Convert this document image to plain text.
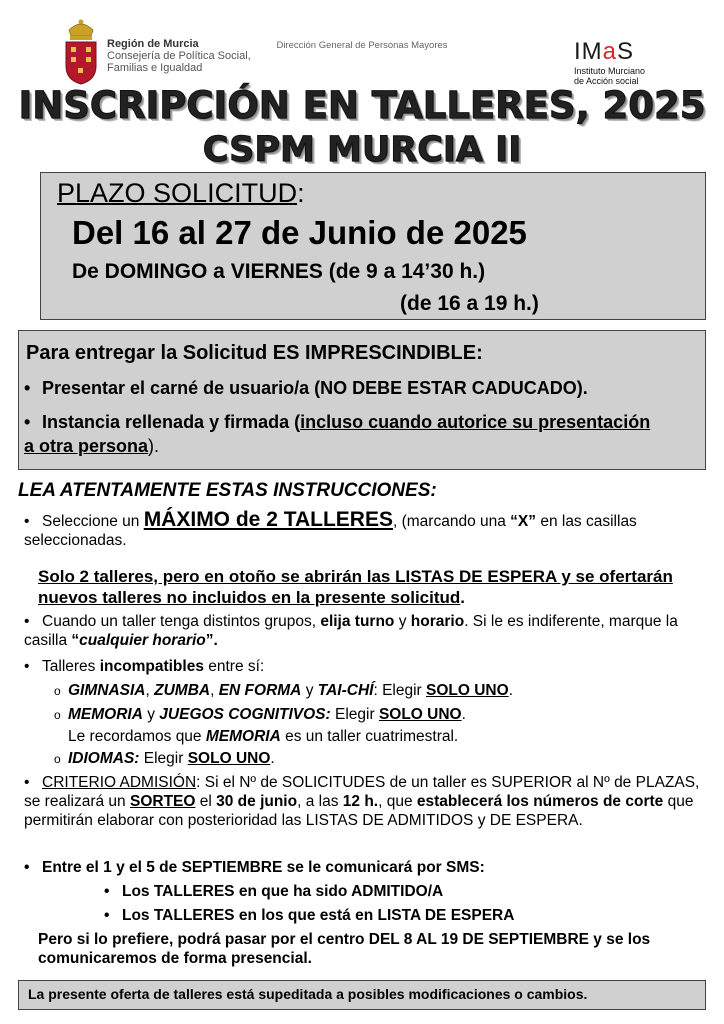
Región de Murcia
Consejería de Política Social,
Familias e Igualdad
Dirección General de Personas Mayores	IMaS
Instituto Murciano
de Acción social
INSCRIPCIÓN EN TALLERES, 2025
CSPM MURCIA II
PLAZO SOLICITUD:
Del 16 al 27 de Junio de 2025
De DOMINGO a VIERNES (de 9 a 14’30 h.)
(de 16 a 19 h.)
Para entregar la Solicitud ES IMPRESCINDIBLE:
• Presentar el carné de usuario/a (NO DEBE ESTAR CADUCADO).
• Instancia rellenada y firmada (incluso cuando autorice su presentación a otra persona).
LEA ATENTAMENTE ESTAS INSTRUCCIONES:
• Seleccione un MÁXIMO de 2 TALLERES, (marcando una “X” en las casillas seleccionadas.
Solo 2 talleres, pero en otoño se abrirán las LISTAS DE ESPERA y se ofertarán nuevos talleres no incluidos en la presente solicitud.
• Cuando un taller tenga distintos grupos, elija turno y horario. Si le es indiferente, marque la casilla “cualquier horario”.
• Talleres incompatibles entre sí:
o GIMNASIA, ZUMBA, EN FORMA y TAI-CHÍ: Elegir SOLO UNO.
o MEMORIA y JUEGOS COGNITIVOS: Elegir SOLO UNO.
Le recordamos que MEMORIA es un taller cuatrimestral.
o IDIOMAS: Elegir SOLO UNO.
• CRITERIO ADMISIÓN: Si el Nº de SOLICITUDES de un taller es SUPERIOR al Nº de PLAZAS, se realizará un SORTEO el 30 de junio, a las 12 h., que establecerá los números de corte que permitirán elaborar con posterioridad las LISTAS DE ADMITIDOS y DE ESPERA.
• Entre el 1 y el 5 de SEPTIEMBRE se le comunicará por SMS:
• Los TALLERES en que ha sido ADMITIDO/A
• Los TALLERES en los que está en LISTA DE ESPERA
Pero si lo prefiere, podrá pasar por el centro DEL 8 AL 19 DE SEPTIEMBRE y se los comunicaremos de forma presencial.
La presente oferta de talleres está supeditada a posibles modificaciones o cambios.
